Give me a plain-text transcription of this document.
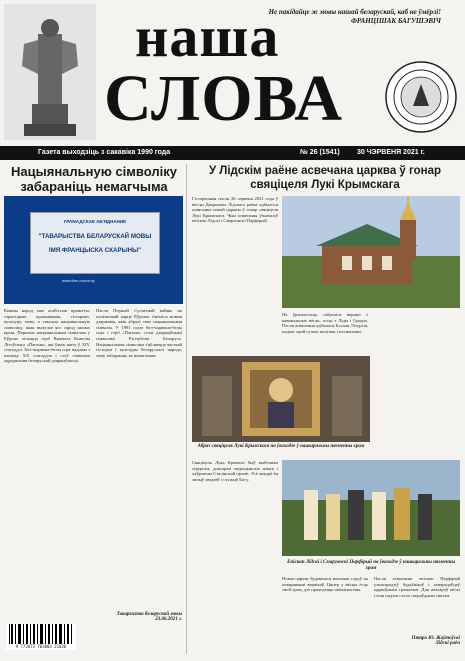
наша
СЛОВА
Не пакідайце ж мовы нашай беларускай, каб не ўмёрлі!
ФРАНЦІШАК БАГУШЭВІЧ
Газета выходзіць з сакавіка 1990 года	№ 26 (1541) 30 ЧЭРВЕНЯ 2021 г.
Нацыянальную сімволіку забараніць немагчыма
ГРАМАДСКАЕ АБ'ЯДНАННЕ
"ТАВАРЫСТВА БЕЛАРУСКАЙ МОВЫ
ІМЯ ФРАНЦЫСКА СКАРЫНЫ"
www.tbm-mova.by
Кожны народ мае асабістыя прыметы: тэрыторыю пражывання, гісторыю, культуру, мову, а таксама нацыянальную сімволіку, якая вылучае яго сярод іншых краін. Першым нацыянальным сімвалам у Еўропе лічыцца герб Вялікага Княства Літоўскага «Пагоня», які ўзнік яшчэ ў XIV стагоддзі. Бел-чырвона-белы сцяг вядомы з пачатку XX стагоддзя і стаў сімвалам адраджэння беларускай дзяржаўнасці.
Пасля Першай Сусветнай вайны на палітычнай карце Еўропы з'явіліся новыя дзяржавы, якія абралі свае нацыянальныя сімвалы. У 1991 годзе бел-чырвона-белы сцяг і герб «Пагоня» сталі дзяржаўнымі сімваламі Рэспублікі Беларусь. Нацыянальная сімволіка з'яўляецца часткай гісторыі і культуры беларускага народа, таму забараніць яе немагчыма.
Таварыства беларускай мовы
23.06.2021 г.
9 772073 703003 21026
У Лідскім раёне асвечана царква ў гонар свяціцеля Лукі Крымскага
Гістарычная пасля 26 чэрвеня 2021 года ў вёсцы Дворышча Лідскага раёна адбылося асвячэнне новай царквы ў гонар свяціцеля Лукі Крымскага. Чын асвячэння ўзначаліў епіскап Лідскі і Смаргонскі Парфірый.
На ўрачыстасць сабраліся вернікі з навакольных вёсак, госці з Ліды і Гродна. Пасля асвячэння адбылася Боская Літургія, падчас якой гучалі малітвы і песнапенні.
Абраз свяціцеля Лукі Крымскага на ўваходзе ў пашыральны нязменны храм
Свяціцель Лука Крымскі быў выбітным хірургам, доктарам медыцынскіх навук і лаўрэатам Сталінскай прэміі. Усё жыццё ён лячыў людзей і служыў Богу.
Епіскап Лідскі і Смаргонскі Парфірый на ўваходзе ў пашыральны нязменны храм
Новая царква будавалася некалькі гадоў на ахвяраванні вернікаў. Цяпер у вёсцы ёсць свой храм, дзе праходзяць набажэнствы.
Пасля асвячэння епіскап Парфірый узнагародзіў будаўнікоў і ахвярадаўцаў царкоўнымі граматамі. Для жыхароў вёскі гэтая падзея стала сапраўдным святам.
Пятро Ю. Жаўтоўскі
Лідскі раён
